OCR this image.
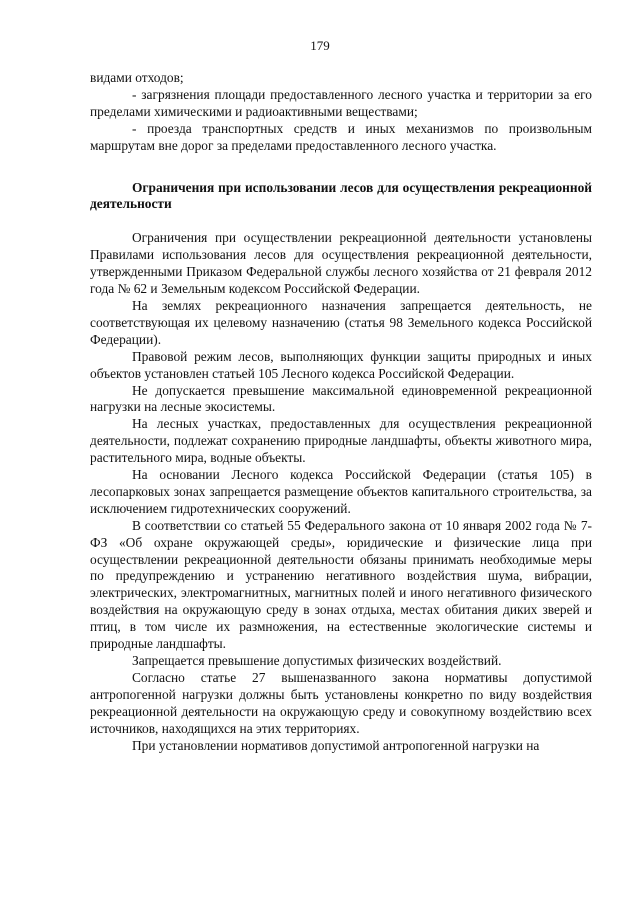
179

видами отходов;

- загрязнения площади предоставленного лесного участка и территории за его пределами химическими и радиоактивными веществами;

- проезда транспортных средств и иных механизмов по произвольным маршрутам вне дорог за пределами предоставленного лесного участка.

Ограничения при использовании лесов для осуществления рекреационной деятельности

Ограничения при осуществлении рекреационной деятельности установлены Правилами использования лесов для осуществления рекреационной деятельности, утвержденными Приказом Федеральной службы лесного хозяйства от 21 февраля 2012 года № 62 и Земельным кодексом Российской Федерации.

На землях рекреационного назначения запрещается деятельность, не соответствующая их целевому назначению (статья 98 Земельного кодекса Российской Федерации).

Правовой режим лесов, выполняющих функции защиты природных и иных объектов установлен статьей 105 Лесного кодекса Российской Федерации.

Не допускается превышение максимальной единовременной рекреационной нагрузки на лесные экосистемы.

На лесных участках, предоставленных для осуществления рекреационной деятельности, подлежат сохранению природные ландшафты, объекты животного мира, растительного мира, водные объекты.

На основании Лесного кодекса Российской Федерации (статья 105) в лесопарковых зонах запрещается размещение объектов капитального строительства, за исключением гидротехнических сооружений.

В соответствии со статьей 55 Федерального закона от 10 января 2002 года № 7-ФЗ «Об охране окружающей среды», юридические и физические лица при осуществлении рекреационной деятельности обязаны принимать необходимые меры по предупреждению и устранению негативного воздействия шума, вибрации, электрических, электромагнитных, магнитных полей и иного негативного физического воздействия на окружающую среду в зонах отдыха, местах обитания диких зверей и птиц, в том числе их размножения, на естественные экологические системы и природные ландшафты.

Запрещается превышение допустимых физических воздействий.

Согласно статье 27 вышеназванного закона нормативы допустимой антропогенной нагрузки должны быть установлены конкретно по виду воздействия рекреационной деятельности на окружающую среду и совокупному воздействию всех источников, находящихся на этих территориях.

При установлении нормативов допустимой антропогенной нагрузки на
